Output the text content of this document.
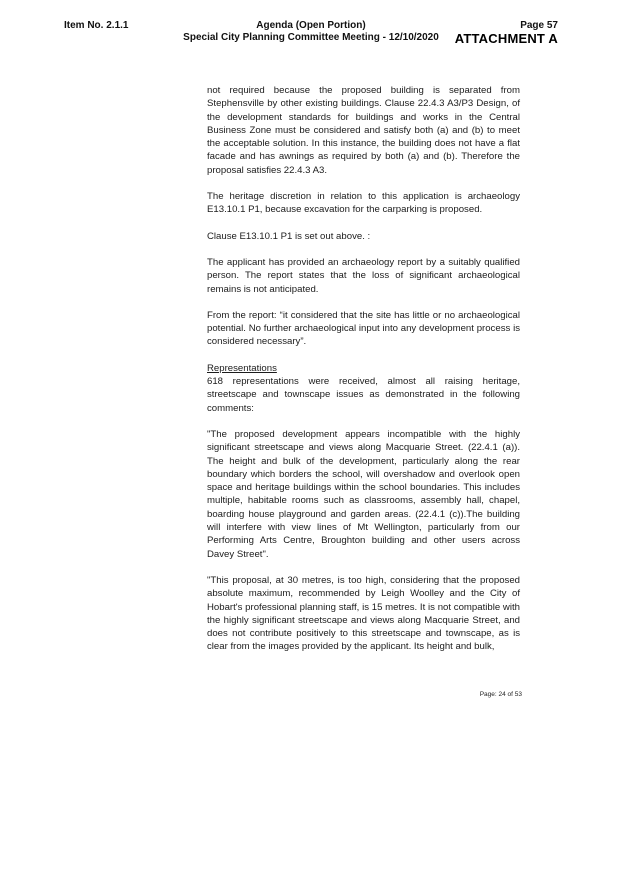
Item No. 2.1.1	Agenda (Open Portion)
Special City Planning Committee Meeting - 12/10/2020
Page 57
ATTACHMENT A

not required because the proposed building is separated from Stephensville by other existing buildings. Clause 22.4.3 A3/P3 Design, of the development standards for buildings and works in the Central Business Zone must be considered and satisfy both (a) and (b) to meet the acceptable solution. In this instance, the building does not have a flat facade and has awnings as required by both (a) and (b). Therefore the proposal satisfies 22.4.3 A3.

The heritage discretion in relation to this application is archaeology E13.10.1 P1, because excavation for the carparking is proposed.

Clause E13.10.1 P1 is set out above. :

The applicant has provided an archaeology report by a suitably qualified person. The report states that the loss of significant archaeological remains is not anticipated.

From the report: “it considered that the site has little or no archaeological potential. No further archaeological input into any development process is considered necessary”.

Representations

618 representations were received, almost all raising heritage, streetscape and townscape issues as demonstrated in the following comments:

"The proposed development appears incompatible with the highly significant streetscape and views along Macquarie Street. (22.4.1 (a)). The height and bulk of the development, particularly along the rear boundary which borders the school, will overshadow and overlook open space and heritage buildings within the school boundaries. This includes multiple, habitable rooms such as classrooms, assembly hall, chapel, boarding house playground and garden areas. (22.4.1 (c)).The building will interfere with view lines of Mt Wellington, particularly from our Performing Arts Centre, Broughton building and other users across Davey Street".

"This proposal, at 30 metres, is too high, considering that the proposed absolute maximum, recommended by Leigh Woolley and the City of Hobart's professional planning staff, is 15 metres. It is not compatible with the highly significant streetscape and views along Macquarie Street, and does not contribute positively to this streetscape and townscape, as is clear from the images provided by the applicant. Its height and bulk,

Page: 24 of 53
